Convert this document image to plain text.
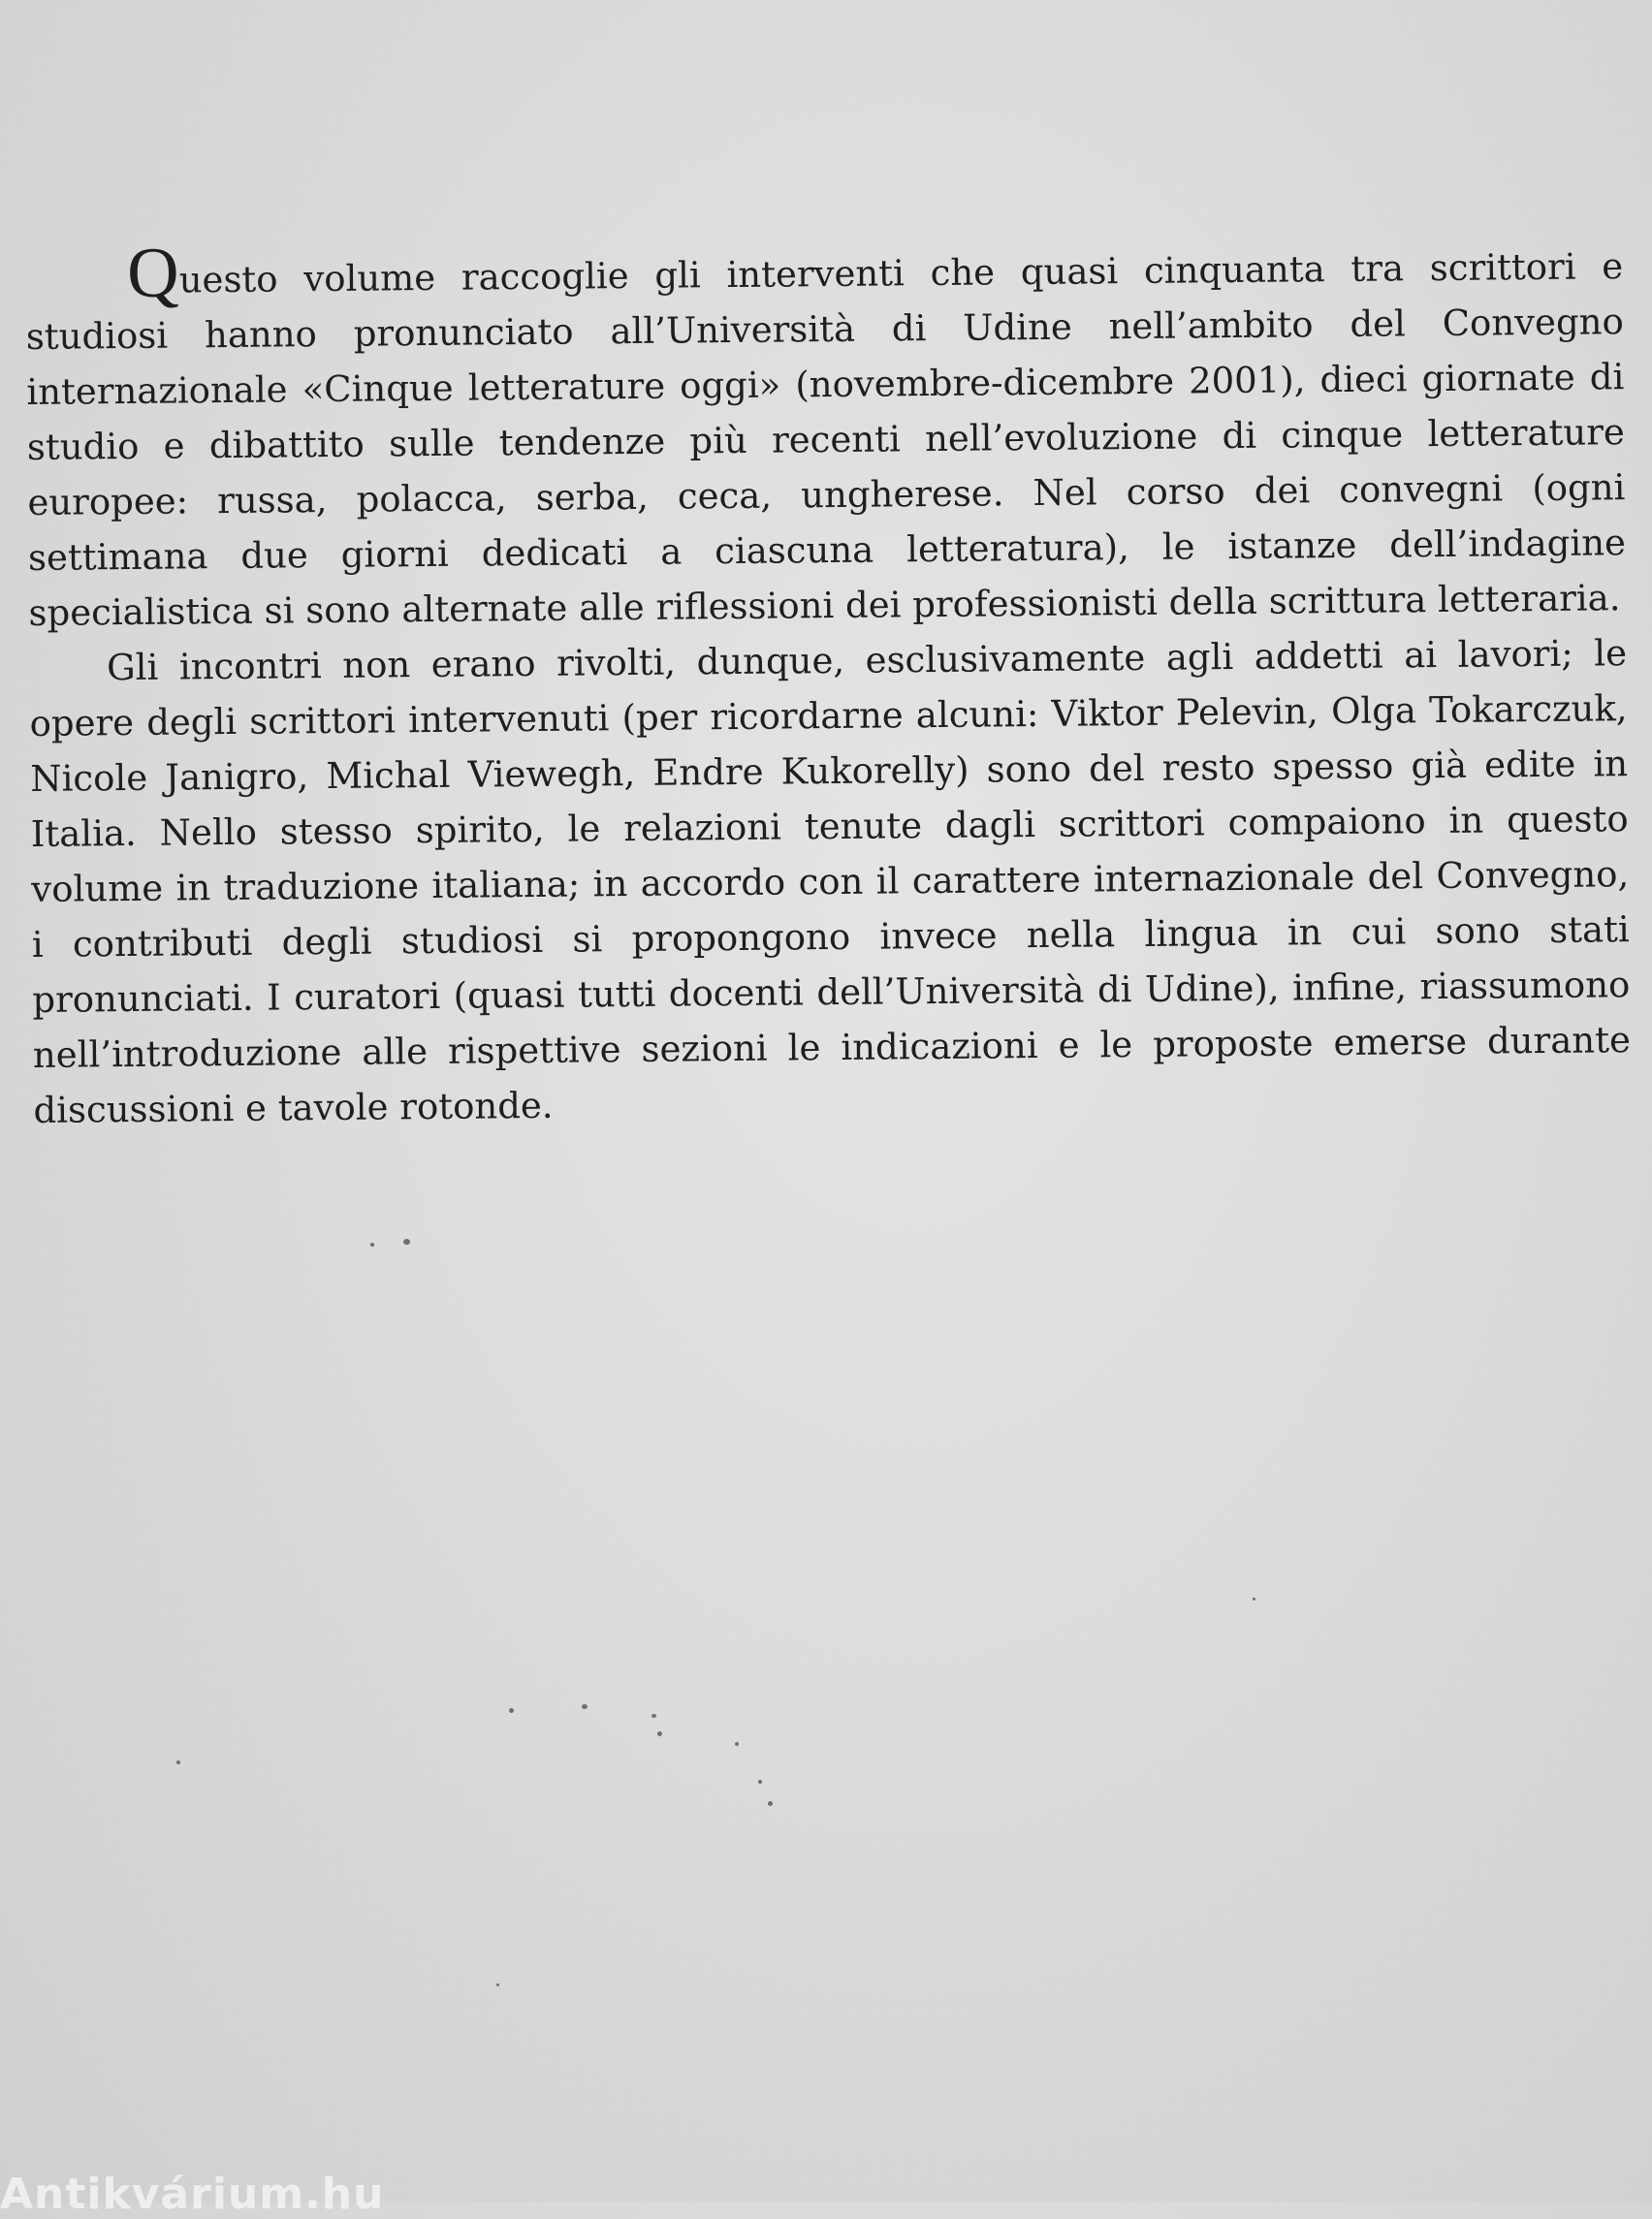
Questo volume raccoglie gli interventi che quasi cinquanta tra scrittori e studiosi hanno pronunciato all’Università di Udine nell’ambito del Convegno internazionale «Cinque letterature oggi» (novembre-dicembre 2001), dieci giornate di studio e dibattito sulle tendenze più recenti nell’evoluzione di cinque letterature europee: russa, polacca, serba, ceca, ungherese. Nel corso dei convegni (ogni settimana due giorni dedicati a ciascuna letteratura), le istanze dell’indagine specialistica si sono alternate alle riflessioni dei professionisti della scrittura letteraria.

Gli incontri non erano rivolti, dunque, esclusivamente agli addetti ai lavori; le opere degli scrittori intervenuti (per ricordarne alcuni: Viktor Pelevin, Olga Tokarczuk, Nicole Janigro, Michal Viewegh, Endre Kukorelly) sono del resto spesso già edite in Italia. Nello stesso spirito, le relazioni tenute dagli scrittori compaiono in questo volume in traduzione italiana; in accordo con il carattere internazionale del Convegno, i contributi degli studiosi si propongono invece nella lingua in cui sono stati pronunciati. I curatori (quasi tutti docenti dell’Università di Udine), infine, riassumono nell’introduzione alle rispettive sezioni le indicazioni e le proposte emerse durante discussioni e tavole rotonde.

Antikvárium.hu
